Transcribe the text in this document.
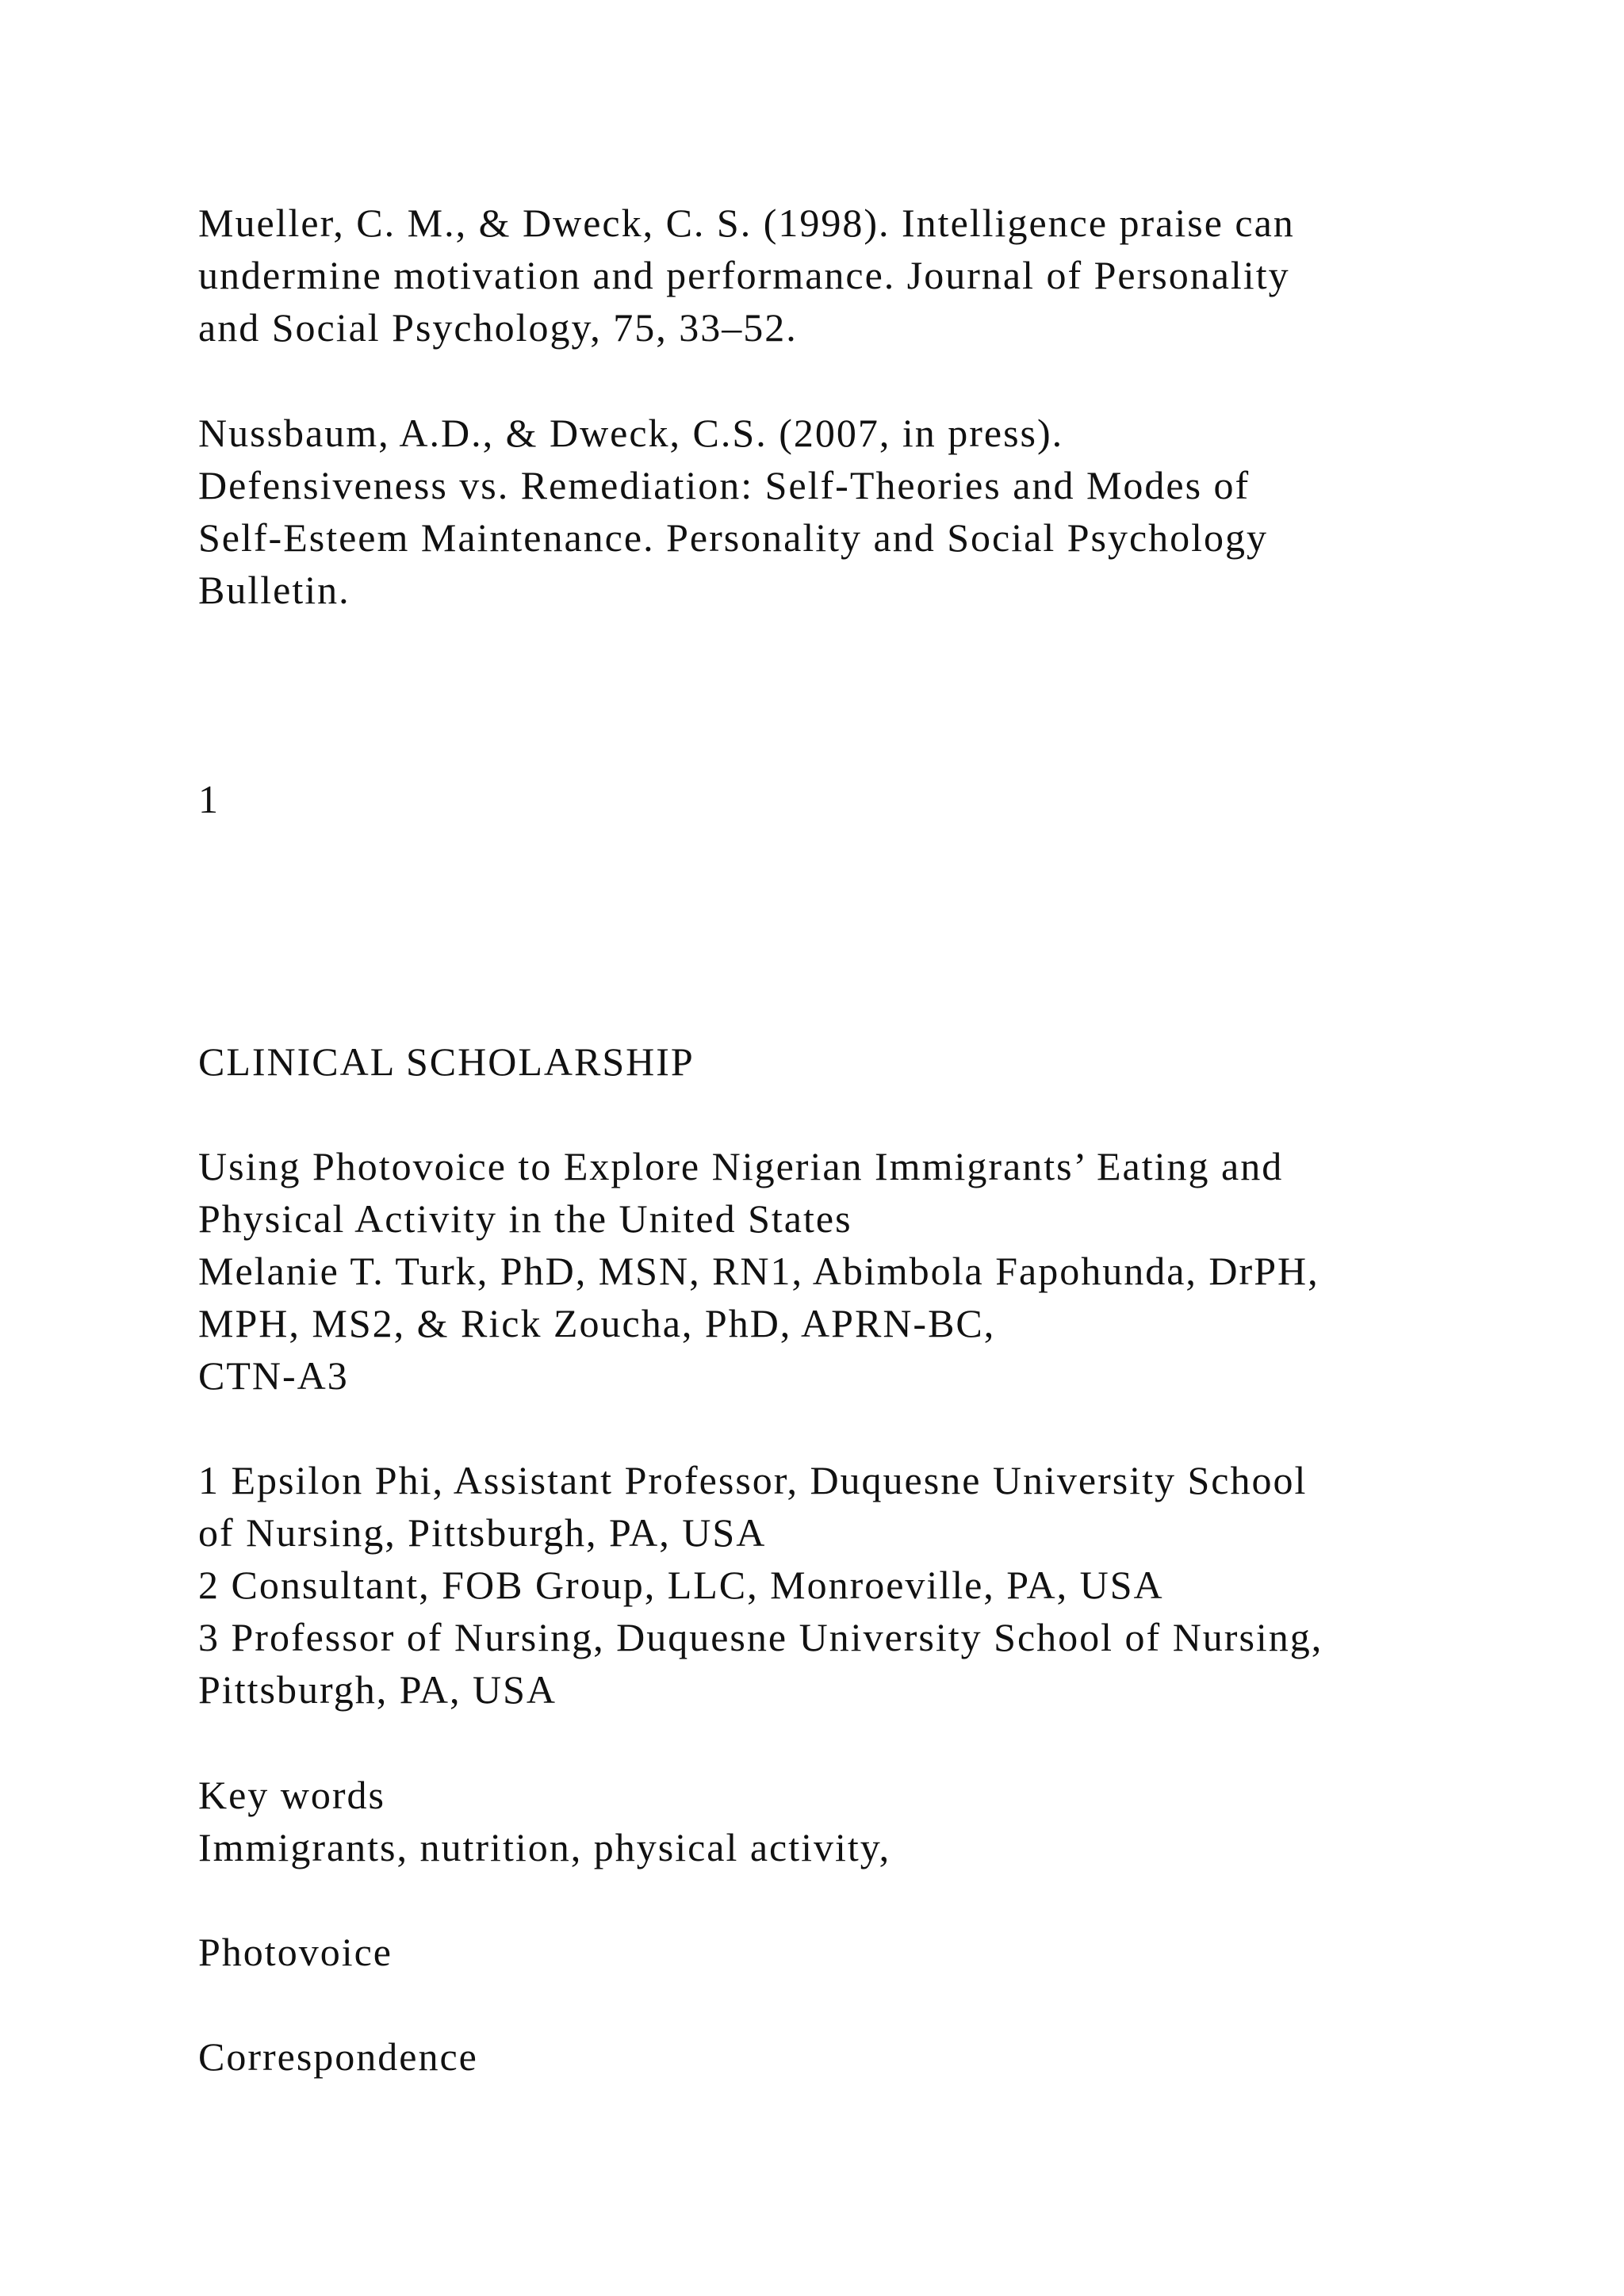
Mueller, C. M., & Dweck, C. S. (1998). Intelligence praise can
undermine motivation and performance. Journal of Personality
and Social Psychology, 75, 33–52.
Nussbaum, A.D., & Dweck, C.S. (2007, in press).
Defensiveness vs. Remediation: Self-Theories and Modes of
Self-Esteem Maintenance. Personality and Social Psychology
Bulletin.
1
CLINICAL SCHOLARSHIP
Using Photovoice to Explore Nigerian Immigrants’ Eating and
Physical Activity in the United States
Melanie T. Turk, PhD, MSN, RN1, Abimbola Fapohunda, DrPH,
MPH, MS2, & Rick Zoucha, PhD, APRN-BC,
CTN-A3
1 Epsilon Phi, Assistant Professor, Duquesne University School
of Nursing, Pittsburgh, PA, USA
2 Consultant, FOB Group, LLC, Monroeville, PA, USA
3 Professor of Nursing, Duquesne University School of Nursing,
Pittsburgh, PA, USA
Key words
Immigrants, nutrition, physical activity,
Photovoice
Correspondence
